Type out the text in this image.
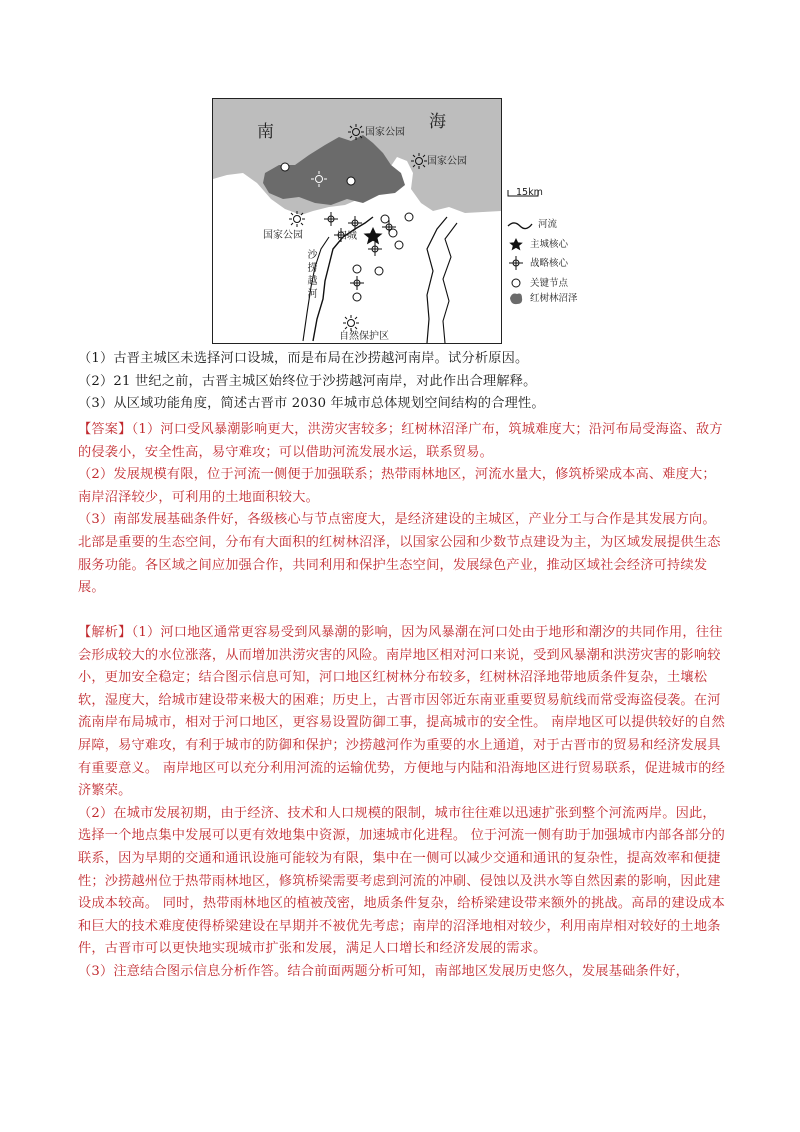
南	海
国家公园
国家公园
国家公园	旧城
沙捞越河
自然保护区
15km
河流
主城核心
战略核心
关键节点
红树林沼泽

（1）古晋主城区未选择河口设城，而是布局在沙捞越河南岸。试分析原因。

（2）21 世纪之前，古晋主城区始终位于沙捞越河南岸，对此作出合理解释。

（3）从区域功能角度，简述古晋市 2030 年城市总体规划空间结构的合理性。

【答案】（1）河口受风暴潮影响更大，洪涝灾害较多；红树林沼泽广布，筑城难度大；沿河布局受海盗、敌方的侵袭小，安全性高，易守难攻；可以借助河流发展水运，联系贸易。

（2）发展规模有限，位于河流一侧便于加强联系；热带雨林地区，河流水量大，修筑桥梁成本高、难度大；南岸沼泽较少，可利用的土地面积较大。

（3）南部发展基础条件好，各级核心与节点密度大，是经济建设的主城区，产业分工与合作是其发展方向。北部是重要的生态空间，分布有大面积的红树林沼泽，以国家公园和少数节点建设为主，为区域发展提供生态服务功能。各区域之间应加强合作，共同利用和保护生态空间，发展绿色产业，推动区域社会经济可持续发展。

【解析】（1）河口地区通常更容易受到风暴潮的影响，因为风暴潮在河口处由于地形和潮汐的共同作用，往往会形成较大的水位涨落，从而增加洪涝灾害的风险。南岸地区相对河口来说，受到风暴潮和洪涝灾害的影响较小，更加安全稳定；结合图示信息可知，河口地区红树林分布较多，红树林沼泽地带地质条件复杂，土壤松软，湿度大，给城市建设带来极大的困难；历史上，古晋市因邻近东南亚重要贸易航线而常受海盗侵袭。在河流南岸布局城市，相对于河口地区，更容易设置防御工事，提高城市的安全性。 南岸地区可以提供较好的自然屏障，易守难攻，有利于城市的防御和保护；沙捞越河作为重要的水上通道，对于古晋市的贸易和经济发展具有重要意义。 南岸地区可以充分利用河流的运输优势，方便地与内陆和沿海地区进行贸易联系，促进城市的经济繁荣。

（2）在城市发展初期，由于经济、技术和人口规模的限制，城市往往难以迅速扩张到整个河流两岸。因此，选择一个地点集中发展可以更有效地集中资源，加速城市化进程。 位于河流一侧有助于加强城市内部各部分的联系，因为早期的交通和通讯设施可能较为有限，集中在一侧可以减少交通和通讯的复杂性，提高效率和便捷性；沙捞越州位于热带雨林地区，修筑桥梁需要考虑到河流的冲刷、侵蚀以及洪水等自然因素的影响，因此建设成本较高。 同时，热带雨林地区的植被茂密，地质条件复杂，给桥梁建设带来额外的挑战。高昂的建设成本和巨大的技术难度使得桥梁建设在早期并不被优先考虑；南岸的沼泽地相对较少，利用南岸相对较好的土地条件，古晋市可以更快地实现城市扩张和发展，满足人口增长和经济发展的需求。

（3）注意结合图示信息分析作答。结合前面两题分析可知，南部地区发展历史悠久，发展基础条件好，
